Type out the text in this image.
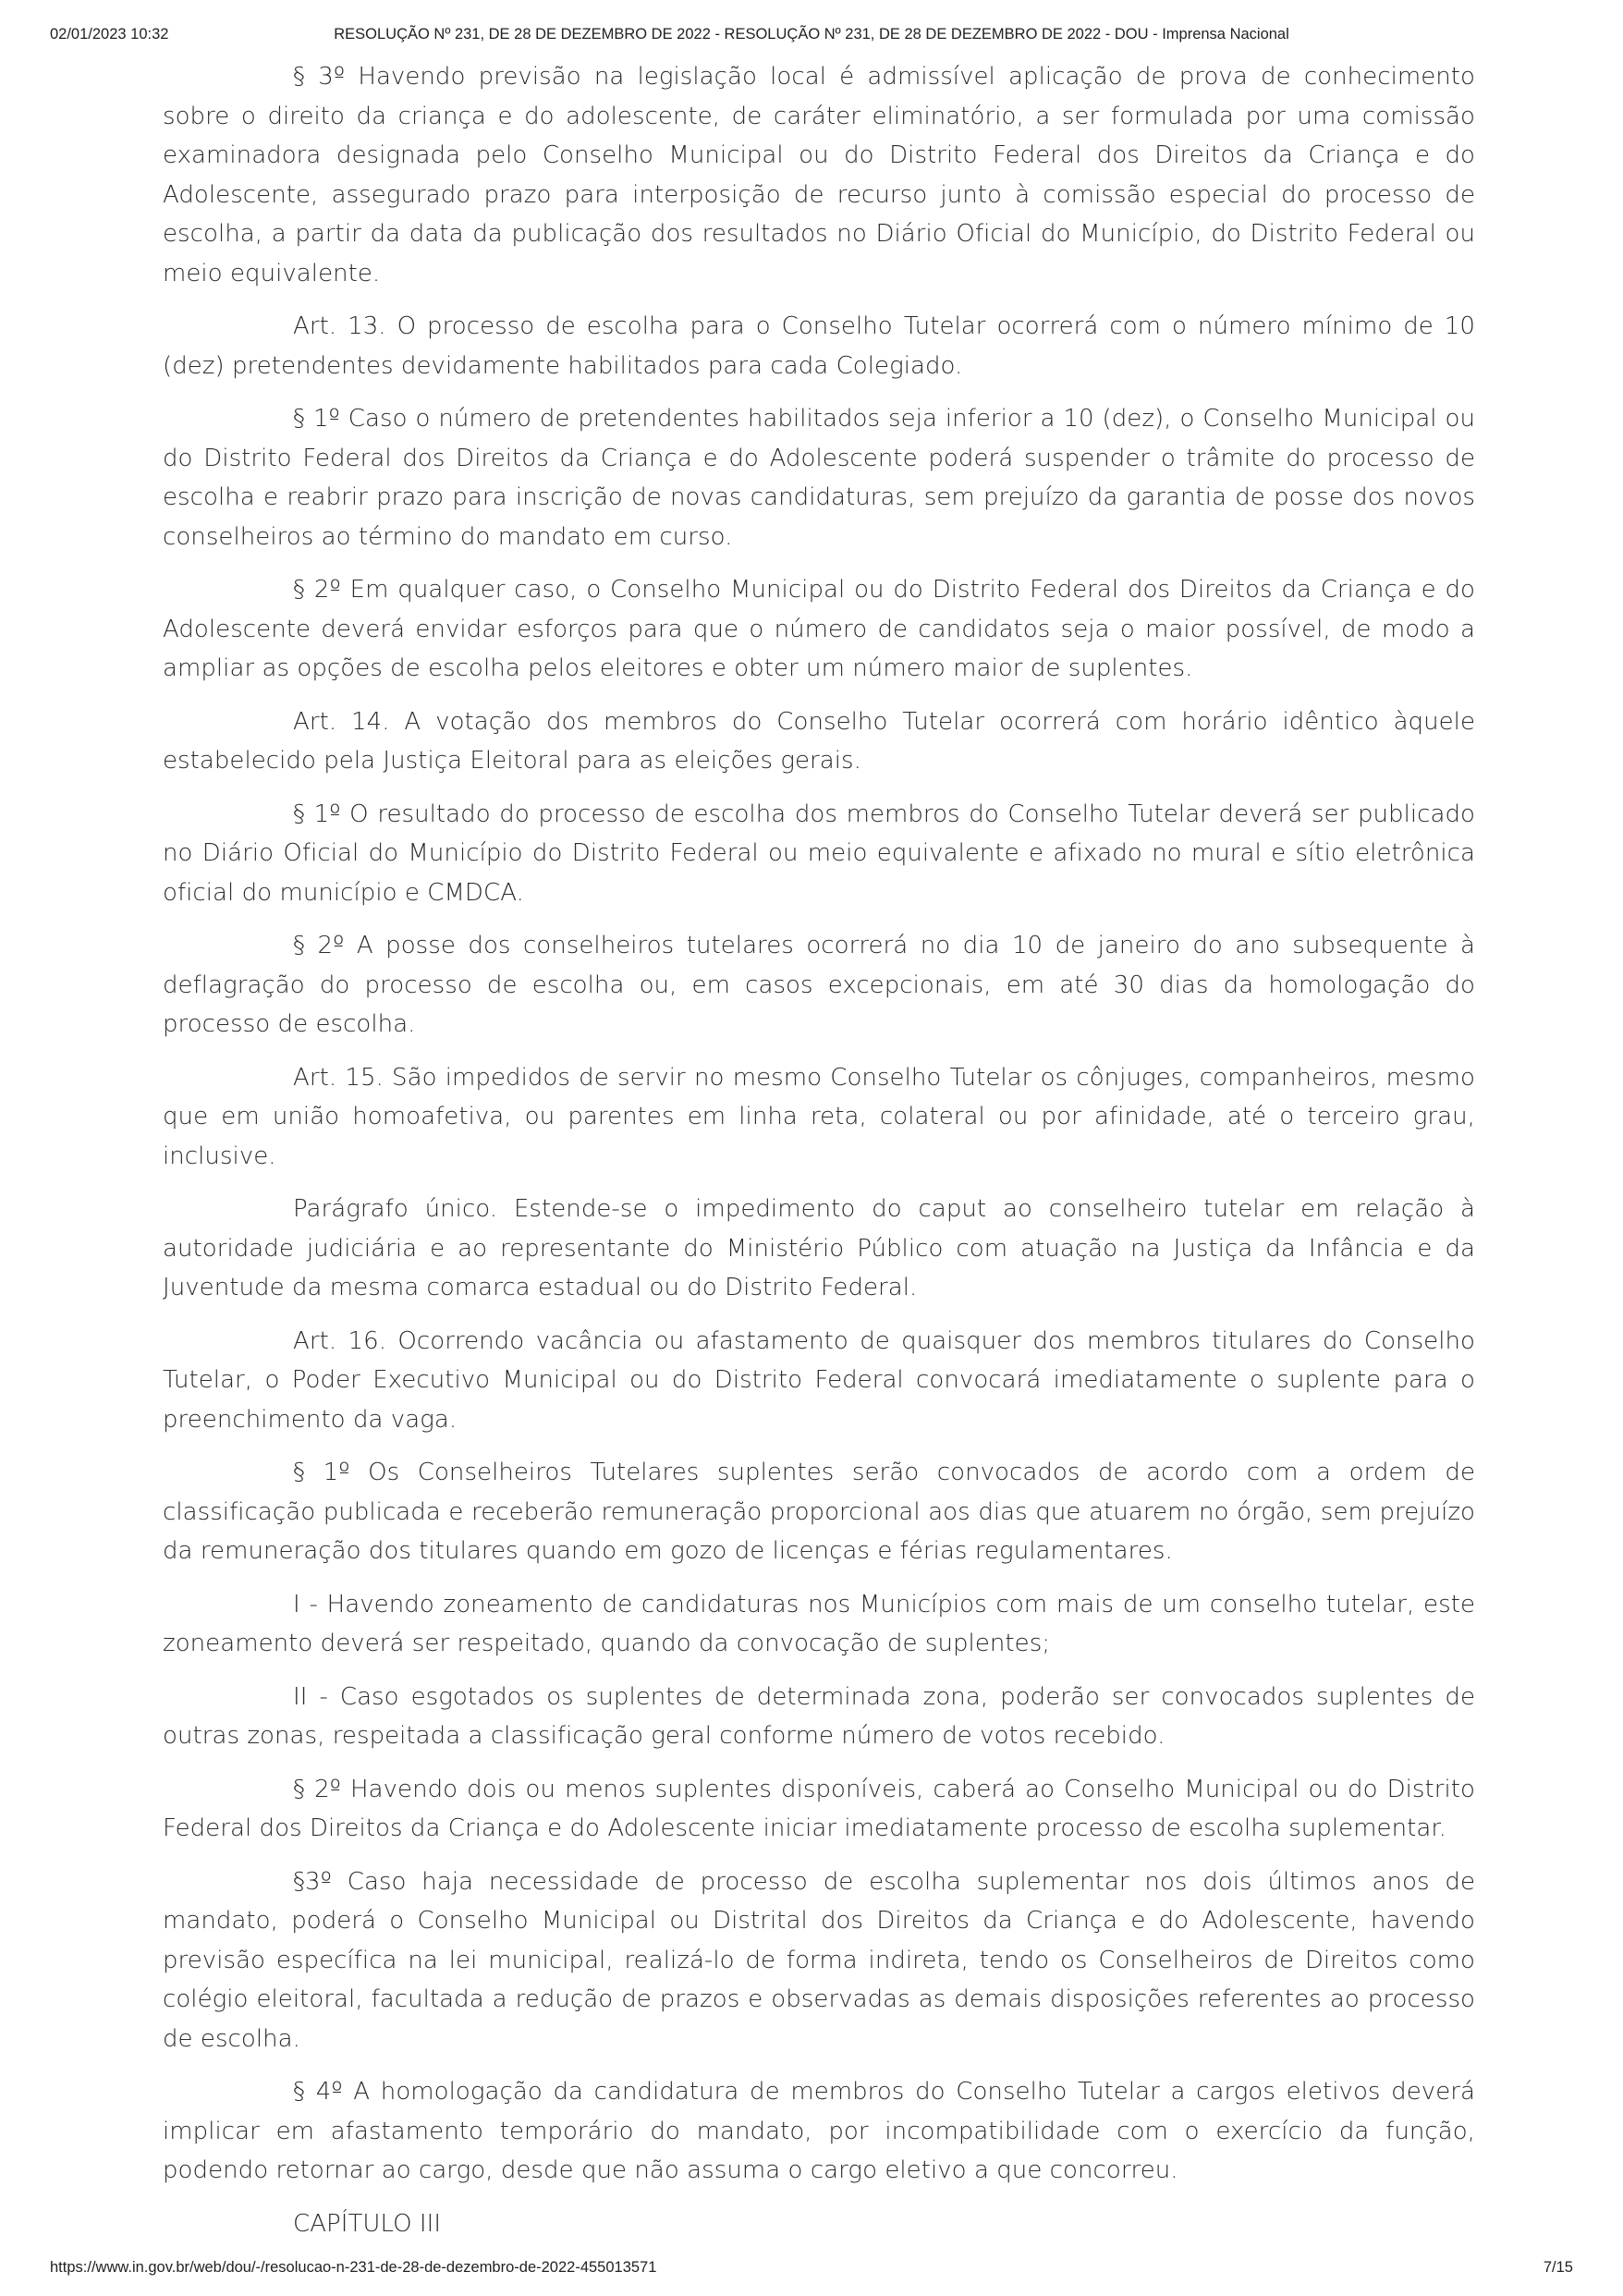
02/01/2023 10:32	RESOLUÇÃO Nº 231, DE 28 DE DEZEMBRO DE 2022 - RESOLUÇÃO Nº 231, DE 28 DE DEZEMBRO DE 2022 - DOU - Imprensa Nacional

§ 3º Havendo previsão na legislação local é admissível aplicação de prova de conhecimento sobre o direito da criança e do adolescente, de caráter eliminatório, a ser formulada por uma comissão examinadora designada pelo Conselho Municipal ou do Distrito Federal dos Direitos da Criança e do Adolescente, assegurado prazo para interposição de recurso junto à comissão especial do processo de escolha, a partir da data da publicação dos resultados no Diário Oficial do Município, do Distrito Federal ou meio equivalente.

Art. 13. O processo de escolha para o Conselho Tutelar ocorrerá com o número mínimo de 10 (dez) pretendentes devidamente habilitados para cada Colegiado.

§ 1º Caso o número de pretendentes habilitados seja inferior a 10 (dez), o Conselho Municipal ou do Distrito Federal dos Direitos da Criança e do Adolescente poderá suspender o trâmite do processo de escolha e reabrir prazo para inscrição de novas candidaturas, sem prejuízo da garantia de posse dos novos conselheiros ao término do mandato em curso.

§ 2º Em qualquer caso, o Conselho Municipal ou do Distrito Federal dos Direitos da Criança e do Adolescente deverá envidar esforços para que o número de candidatos seja o maior possível, de modo a ampliar as opções de escolha pelos eleitores e obter um número maior de suplentes.

Art. 14. A votação dos membros do Conselho Tutelar ocorrerá com horário idêntico àquele estabelecido pela Justiça Eleitoral para as eleições gerais.

§ 1º O resultado do processo de escolha dos membros do Conselho Tutelar deverá ser publicado no Diário Oficial do Município do Distrito Federal ou meio equivalente e afixado no mural e sítio eletrônica oficial do município e CMDCA.

§ 2º A posse dos conselheiros tutelares ocorrerá no dia 10 de janeiro do ano subsequente à deflagração do processo de escolha ou, em casos excepcionais, em até 30 dias da homologação do processo de escolha.

Art. 15. São impedidos de servir no mesmo Conselho Tutelar os cônjuges, companheiros, mesmo que em união homoafetiva, ou parentes em linha reta, colateral ou por afinidade, até o terceiro grau, inclusive.

Parágrafo único. Estende-se o impedimento do caput ao conselheiro tutelar em relação à autoridade judiciária e ao representante do Ministério Público com atuação na Justiça da Infância e da Juventude da mesma comarca estadual ou do Distrito Federal.

Art. 16. Ocorrendo vacância ou afastamento de quaisquer dos membros titulares do Conselho Tutelar, o Poder Executivo Municipal ou do Distrito Federal convocará imediatamente o suplente para o preenchimento da vaga.

§ 1º Os Conselheiros Tutelares suplentes serão convocados de acordo com a ordem de classificação publicada e receberão remuneração proporcional aos dias que atuarem no órgão, sem prejuízo da remuneração dos titulares quando em gozo de licenças e férias regulamentares.

I - Havendo zoneamento de candidaturas nos Municípios com mais de um conselho tutelar, este zoneamento deverá ser respeitado, quando da convocação de suplentes;

II - Caso esgotados os suplentes de determinada zona, poderão ser convocados suplentes de outras zonas, respeitada a classificação geral conforme número de votos recebido.

§ 2º Havendo dois ou menos suplentes disponíveis, caberá ao Conselho Municipal ou do Distrito Federal dos Direitos da Criança e do Adolescente iniciar imediatamente processo de escolha suplementar.

§3º Caso haja necessidade de processo de escolha suplementar nos dois últimos anos de mandato, poderá o Conselho Municipal ou Distrital dos Direitos da Criança e do Adolescente, havendo previsão específica na lei municipal, realizá-lo de forma indireta, tendo os Conselheiros de Direitos como colégio eleitoral, facultada a redução de prazos e observadas as demais disposições referentes ao processo de escolha.

§ 4º A homologação da candidatura de membros do Conselho Tutelar a cargos eletivos deverá implicar em afastamento temporário do mandato, por incompatibilidade com o exercício da função, podendo retornar ao cargo, desde que não assuma o cargo eletivo a que concorreu.

CAPÍTULO III

https://www.in.gov.br/web/dou/-/resolucao-n-231-de-28-de-dezembro-de-2022-455013571	7/15
